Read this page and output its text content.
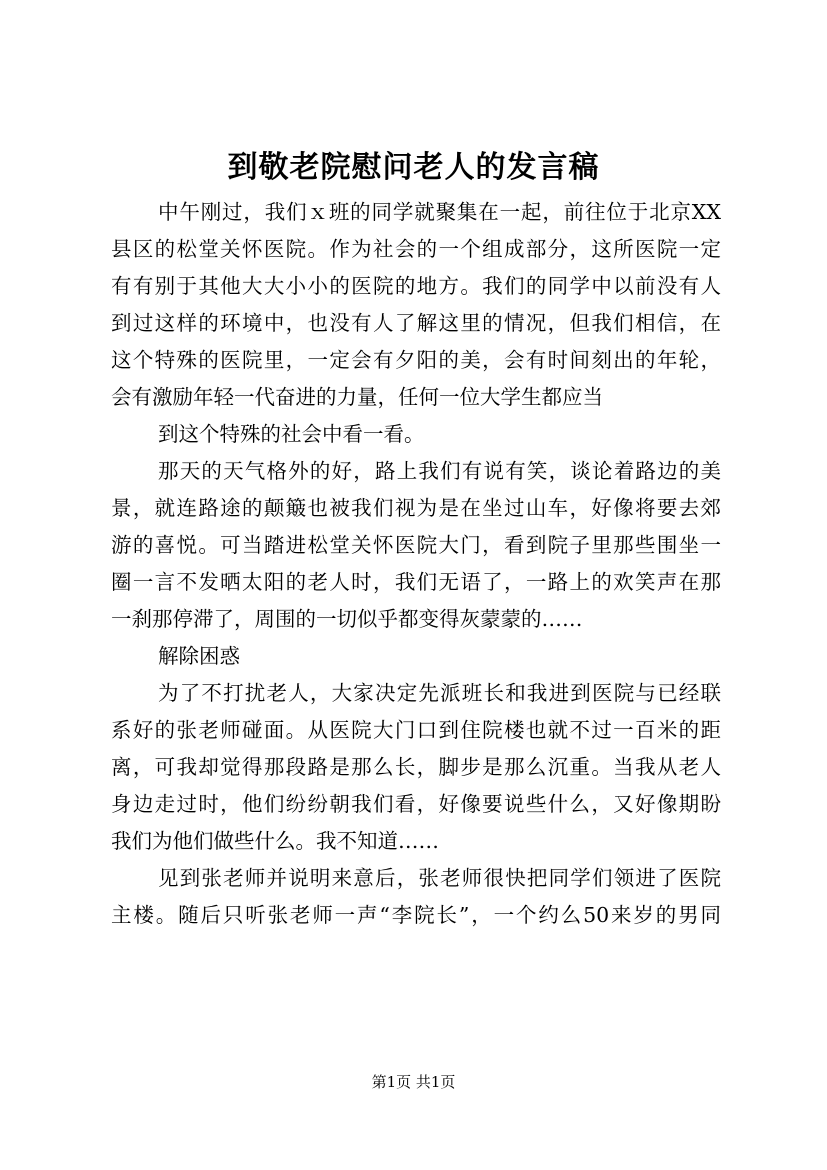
到敬老院慰问老人的发言稿
中午刚过，我们ｘ班的同学就聚集在一起，前往位于北京XX
县区的松堂关怀医院。作为社会的一个组成部分，这所医院一定
有有别于其他大大小小的医院的地方。我们的同学中以前没有人
到过这样的环境中，也没有人了解这里的情况，但我们相信，在
这个特殊的医院里，一定会有夕阳的美，会有时间刻出的年轮，
会有激励年轻一代奋进的力量，任何一位大学生都应当
到这个特殊的社会中看一看。
那天的天气格外的好，路上我们有说有笑，谈论着路边的美
景，就连路途的颠簸也被我们视为是在坐过山车，好像将要去郊
游的喜悦。可当踏进松堂关怀医院大门，看到院子里那些围坐一
圈一言不发晒太阳的老人时，我们无语了，一路上的欢笑声在那
一刹那停滞了，周围的一切似乎都变得灰蒙蒙的……
解除困惑
为了不打扰老人，大家决定先派班长和我进到医院与已经联
系好的张老师碰面。从医院大门口到住院楼也就不过一百米的距
离，可我却觉得那段路是那么长，脚步是那么沉重。当我从老人
身边走过时，他们纷纷朝我们看，好像要说些什么，又好像期盼
我们为他们做些什么。我不知道……
见到张老师并说明来意后，张老师很快把同学们领进了医院
主楼。随后只听张老师一声“李院长”，一个约么50来岁的男同
第1页 共1页
